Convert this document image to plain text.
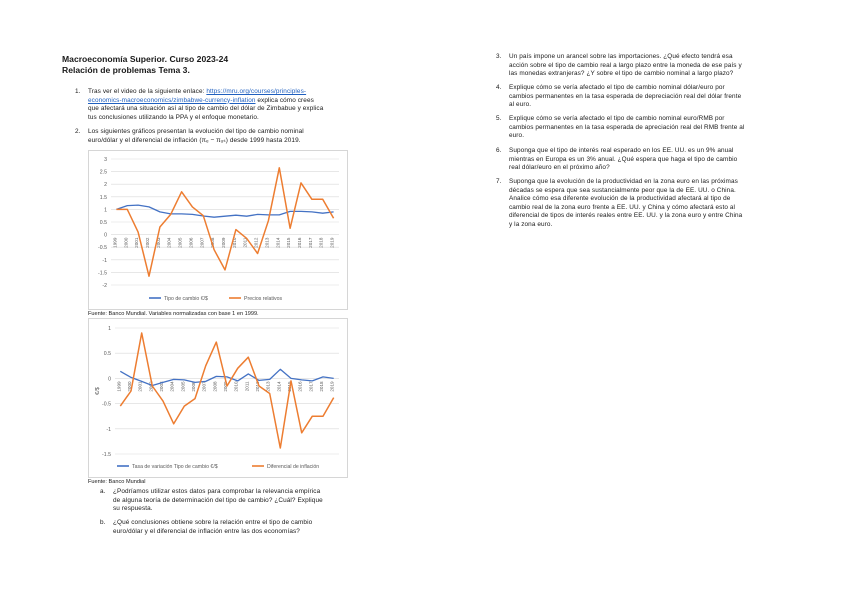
Macroeconomía Superior. Curso 2023-24
Relación de problemas Tema 3.
1. Tras ver el video de la siguiente enlace: https://mru.org/courses/principles-
economics-macroeconomics/zimbabwe-currency-inflation explica cómo crees
que afectará una situación así al tipo de cambio del dólar de Zimbabue y explica
tus conclusiones utilizando la PPA y el enfoque monetario.
2. Los siguientes gráficos presentan la evolución del tipo de cambio nominal
euro/dólar y el diferencial de inflación (πₑ − πᵤₛ) desde 1999 hasta 2019.
3
2.5
2
1.5
1
0.5
0
-0.5
-1
-1.5
-2
1999 2000 2001 2002 2003 2004 2005 2006 2007 2008 2009 2010 2011 2012 2013 2014 2015 2016 2017 2018 2019
Tipo de cambio €/$	Precios relativos
Fuente: Banco Mundial. Variables normalizadas con base 1 en 1999.
1
0.5
0
-0.5
-1
-1.5
€/$	1999 2000 2001 2002 2003 2004 2005 2006 2007 2008 2009 2010 2011 2012 2013 2014 2015 2016 2017 2018 2019
Tasa de variación Tipo de cambio €/$	Diferencial de inflación
Fuente: Banco Mundial
a. ¿Podríamos utilizar estos datos para comprobar la relevancia empírica
de alguna teoría de determinación del tipo de cambio? ¿Cuál? Explique
su respuesta.
b. ¿Qué conclusiones obtiene sobre la relación entre el tipo de cambio
euro/dólar y el diferencial de inflación entre las dos economías?
3. Un país impone un arancel sobre las importaciones. ¿Qué efecto tendrá esa
acción sobre el tipo de cambio real a largo plazo entre la moneda de ese país y
las monedas extranjeras? ¿Y sobre el tipo de cambio nominal a largo plazo?
4. Explique cómo se vería afectado el tipo de cambio nominal dólar/euro por
cambios permanentes en la tasa esperada de depreciación real del dólar frente
al euro.
5. Explique cómo se vería afectado el tipo de cambio nominal euro/RMB por
cambios permanentes en la tasa esperada de apreciación real del RMB frente al
euro.
6. Suponga que el tipo de interés real esperado en los EE. UU. es un 9% anual
mientras en Europa es un 3% anual. ¿Qué espera que haga el tipo de cambio
real dólar/euro en el próximo año?
7. Suponga que la evolución de la productividad en la zona euro en las próximas
décadas se espera que sea sustancialmente peor que la de EE. UU. o China.
Analice cómo esa diferente evolución de la productividad afectará al tipo de
cambio real de la zona euro frente a EE. UU. y China y cómo afectará esto al
diferencial de tipos de interés reales entre EE. UU. y la zona euro y entre China
y la zona euro.
